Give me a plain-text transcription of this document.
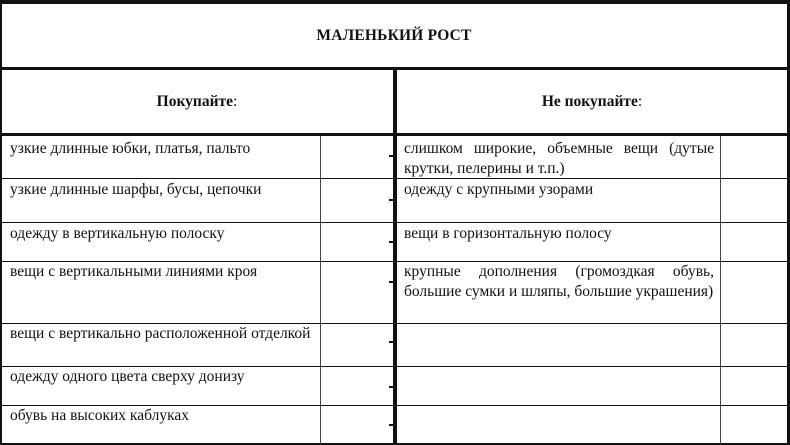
МАЛЕНЬКИЙ РОСТ
Покупайте :	Не покупайте :
узкие длинные юбки, платья, пальто
узкие длинные шарфы, бусы, цепочки
одежду в вертикальную полоску
вещи с вертикальными линиями кроя
вещи с вертикально расположенной отделкой
одежду одного цвета сверху донизу
обувь на высоких каблуках
слишком широкие, объемные вещи (дутые крутки, пелерины и т.п.)
одежду с крупными узорами
вещи в горизонтальную полосу
крупные дополнения (громоздкая обувь, большие сумки и шляпы, большие украшения)
